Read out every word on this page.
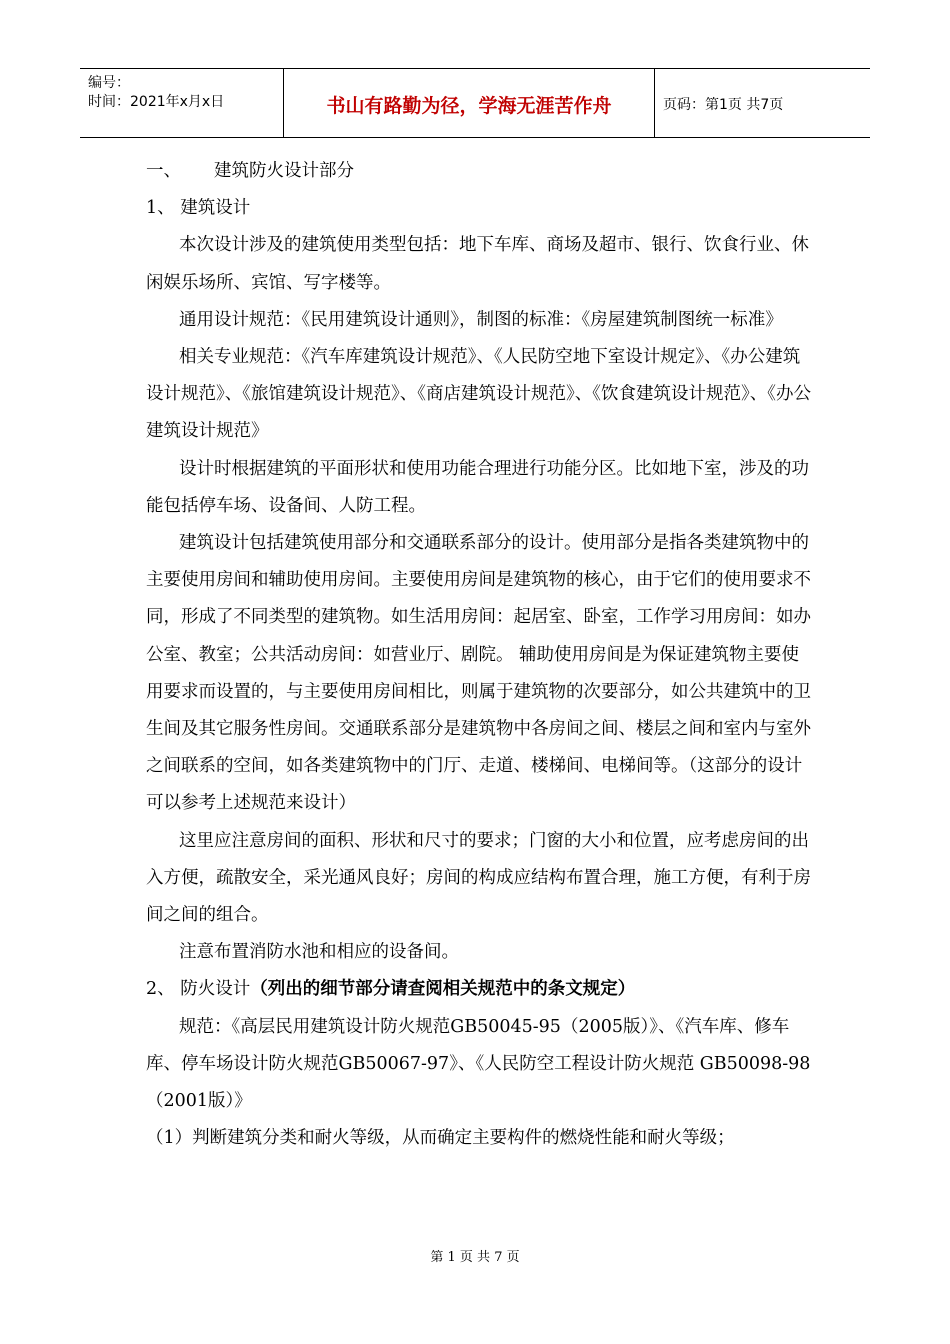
编号：
时间：2021年x月x日	书山有路勤为径，学海无涯苦作舟	页码：第1页 共7页

一、 建筑防火设计部分

1、 建筑设计

本次设计涉及的建筑使用类型包括：地下车库、商场及超市、银行、饮食行业、休闲娱乐场所、宾馆、写字楼等。

通用设计规范：《民用建筑设计通则》，制图的标准：《房屋建筑制图统一标准》

相关专业规范：《汽车库建筑设计规范》、《人民防空地下室设计规定》、《办公建筑设计规范》、《旅馆建筑设计规范》、《商店建筑设计规范》、《饮食建筑设计规范》、《办公建筑设计规范》

设计时根据建筑的平面形状和使用功能合理进行功能分区。比如地下室，涉及的功能包括停车场、设备间、人防工程。

建筑设计包括建筑使用部分和交通联系部分的设计。使用部分是指各类建筑物中的主要使用房间和辅助使用房间。主要使用房间是建筑物的核心，由于它们的使用要求不同，形成了不同类型的建筑物。如生活用房间：起居室、卧室，工作学习用房间：如办公室、教室；公共活动房间：如营业厅、剧院。 辅助使用房间是为保证建筑物主要使用要求而设置的，与主要使用房间相比，则属于建筑物的次要部分，如公共建筑中的卫生间及其它服务性房间。交通联系部分是建筑物中各房间之间、楼层之间和室内与室外之间联系的空间，如各类建筑物中的门厅、走道、楼梯间、电梯间等。（这部分的设计可以参考上述规范来设计）

这里应注意房间的面积、形状和尺寸的要求；门窗的大小和位置，应考虑房间的出入方便，疏散安全，采光通风良好；房间的构成应结构布置合理，施工方便，有利于房间之间的组合。

注意布置消防水池和相应的设备间。

2、 防火设计（列出的细节部分请查阅相关规范中的条文规定）

规范：《高层民用建筑设计防火规范GB50045-95（2005版）》、《汽车库、修车库、停车场设计防火规范GB50067-97》、《人民防空工程设计防火规范 GB50098-98（2001版）》

（1）判断建筑分类和耐火等级，从而确定主要构件的燃烧性能和耐火等级；

第 1 页 共 7 页
